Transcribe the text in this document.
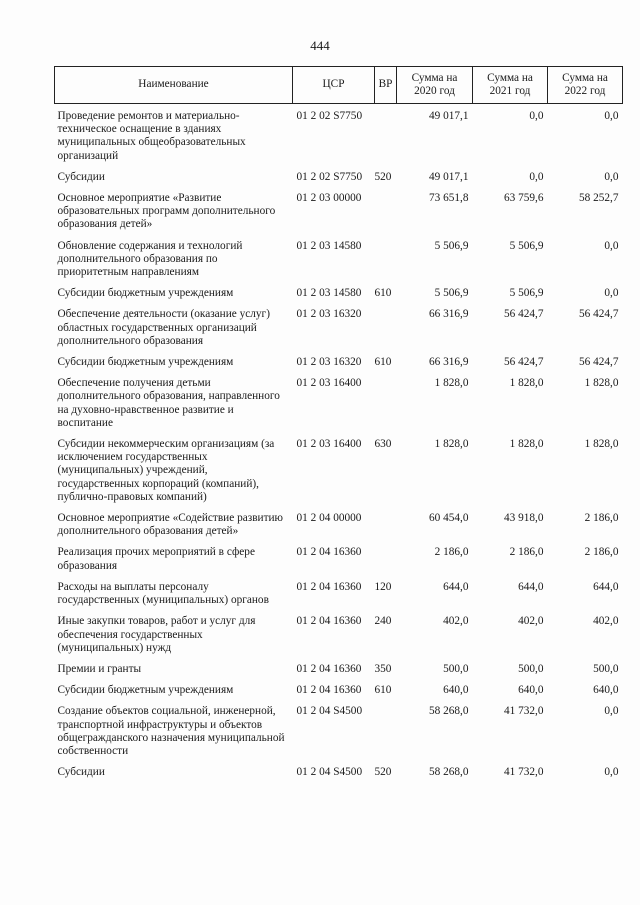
444
Наименование	ЦСР	ВР	Сумма на 2020 год	Сумма на 2021 год	Сумма на 2022 год
Проведение ремонтов и материально-техническое оснащение в зданиях муниципальных общеобразовательных организаций	01 2 02 S7750		49 017,1	0,0	0,0
Субсидии	01 2 02 S7750	520	49 017,1	0,0	0,0
Основное мероприятие «Развитие образовательных программ дополнительного образования детей»	01 2 03 00000		73 651,8	63 759,6	58 252,7
Обновление содержания и технологий дополнительного образования по приоритетным направлениям	01 2 03 14580		5 506,9	5 506,9	0,0
Субсидии бюджетным учреждениям	01 2 03 14580	610	5 506,9	5 506,9	0,0
Обеспечение деятельности (оказание услуг) областных государственных организаций дополнительного образования	01 2 03 16320		66 316,9	56 424,7	56 424,7
Субсидии бюджетным учреждениям	01 2 03 16320	610	66 316,9	56 424,7	56 424,7
Обеспечение получения детьми дополнительного образования, направленного на духовно-нравственное развитие и воспитание	01 2 03 16400		1 828,0	1 828,0	1 828,0
Субсидии некоммерческим организациям (за исключением государственных (муниципальных) учреждений, государственных корпораций (компаний), публично-правовых компаний)	01 2 03 16400	630	1 828,0	1 828,0	1 828,0
Основное мероприятие «Содействие развитию дополнительного образования детей»	01 2 04 00000		60 454,0	43 918,0	2 186,0
Реализация прочих мероприятий в сфере образования	01 2 04 16360		2 186,0	2 186,0	2 186,0
Расходы на выплаты персоналу государственных (муниципальных) органов	01 2 04 16360	120	644,0	644,0	644,0
Иные закупки товаров, работ и услуг для обеспечения государственных (муниципальных) нужд	01 2 04 16360	240	402,0	402,0	402,0
Премии и гранты	01 2 04 16360	350	500,0	500,0	500,0
Субсидии бюджетным учреждениям	01 2 04 16360	610	640,0	640,0	640,0
Создание объектов социальной, инженерной, транспортной инфраструктуры и объектов общегражданского назначения муниципальной собственности	01 2 04 S4500		58 268,0	41 732,0	0,0
Субсидии	01 2 04 S4500	520	58 268,0	41 732,0	0,0
